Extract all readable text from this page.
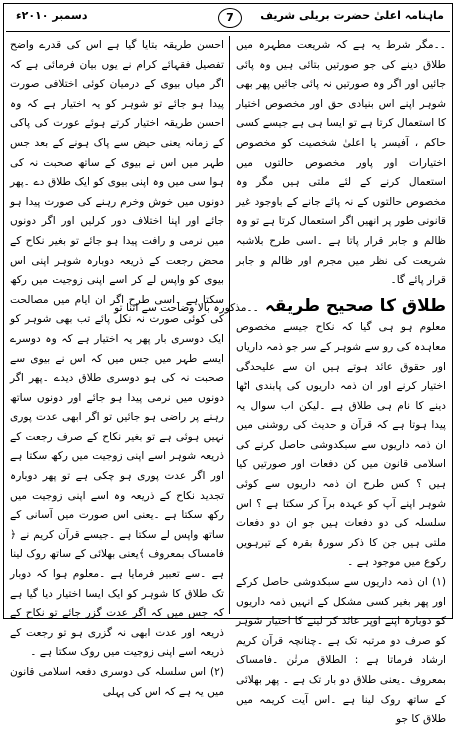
ماہنامہ اعلیٰ حضرت بریلی شریف
7
دسمبر ۲۰۱۰ء

۔۔مگر شرط یہ ہے کہ شریعت مطہرہ میں طلاق دینے کی جو صورتیں بتائی ہیں وہ پائی جائیں اور اگر وہ صورتیں نہ پائی جائیں پھر بھی شوہر اپنے اس بنیادی حق اور مخصوص اختیار کا استعمال کرتا ہے تو ایسا ہی ہے جیسے کسی حاکم ، آفیسر یا اعلیٰ شخصیت کو مخصوص اختیارات اور پاور مخصوص حالتوں میں استعمال کرنے کے لئے ملتی ہیں مگر وہ مخصوص حالتوں کے نہ پائے جانے کے باوجود غیر قانونی طور پر انھیں اگر استعمال کرتا ہے تو وہ ظالم و جابر قرار پاتا ہے ۔اسی طرح بلاشبہ شریعت کی نظر میں مجرم اور ظالم و جابر قرار پائے گا۔

طلاق کا صحیح طریقہ۔۔مذکورہ بالا وضاحت سے اتنا تو

معلوم ہو ہی گیا کہ نکاح جیسے مخصوص معاہدہ کی رو سے شوہر کے سر جو ذمہ داریاں اور حقوق عائد ہوتے ہیں ان سے علیحدگی اختیار کرنے اور ان ذمہ داریوں کی پابندی اٹھا دینے کا نام ہی طلاق ہے ۔لیکن اب سوال یہ پیدا ہوتا ہے کہ قرآن و حدیث کی روشنی میں ان ذمہ داریوں سے سبکدوشی حاصل کرنے کی اسلامی قانون میں کن دفعات اور صورتیں کیا ہیں ؟ کس طرح ان ذمہ داریوں سے کوئی شوہر اپنے آپ کو عہدہ برآ کر سکتا ہے ؟ اس سلسلہ کی دو دفعات ہیں جو ان دو دفعات ملتی ہیں جن کا ذکر سورۂ بقرہ کے تیرہویں رکوع میں موجود ہے ۔

(۱) ان ذمہ داریوں سے سبکدوشی حاصل کرکے اور پھر بغیر کسی مشکل کے انہیں ذمہ داریوں کو دوبارہ اپنے اوپر عائد کر لینے کا اختیار شوہر کو صرف دو مرتبہ تک ہے ۔چنانچہ قرآن کریم ارشاد فرماتا ہے : الطلاق مرتٰن ۔فامساک بمعروف ۔یعنی طلاق دو بار تک ہے ۔ پھر بھلائی کے ساتھ روک لینا ہے ۔اس آیت کریمہ میں طلاق کا جو

احسن طریقہ بتایا گیا ہے اس کی قدرے واضح تفصیل فقہائے کرام نے یوں بیان فرمائی ہے کہ اگر میاں بیوی کے درمیان کوئی اختلافی صورت پیدا ہو جائے تو شوہر کو یہ اختیار ہے کہ وہ احسن طریقہ اختیار کرتے ہوئے عورت کی پاکی کے زمانہ یعنی حیض سے پاک ہونے کے بعد جس طہر میں اس نے بیوی کے ساتھ صحبت نہ کی ہوا سی میں وہ اپنی بیوی کو ایک طلاق دے ۔پھر دونوں میں خوش وخرم رہنے کی صورت پیدا ہو جائے اور اپنا اختلاف دور کرلیں اور اگر دونوں میں نرمی و رافت پیدا ہو جائے تو بغیر نکاح کے محض رجعت کے ذریعہ دوبارہ شوہر اپنی اس بیوی کو واپس لے کر اسے اپنی زوجیت میں رکھ سکتا ہے ۔اسی طرح اگر ان ایام میں مصالحت کی کوئی صورت نہ نکل پائے تب بھی شوہر کو ایک دوسری بار پھر یہ اختیار ہے کہ وہ دوسرے ایسے طہر میں جس میں کہ اس نے بیوی سے صحبت نہ کی ہو دوسری طلاق دیدے ۔پھر اگر دونوں میں نرمی پیدا ہو جائے اور دونوں ساتھ رہنے پر راضی ہو جائیں تو اگر ابھی عدت پوری نہیں ہوئی ہے تو بغیر نکاح کے صرف رجعت کے ذریعہ شوہر اسے اپنی زوجیت میں رکھ سکتا ہے اور اگر عدت پوری ہو چکی ہے تو پھر دوبارہ تجدید نکاح کے ذریعہ وہ اسے اپنی زوجیت میں رکھ سکتا ہے ۔یعنی اس صورت میں آسانی کے ساتھ واپس لے سکتا ہے ۔جیسے قرآن کریم نے ﴿ فامساک بمعروف ﴾یعنی بھلائی کے ساتھ روک لینا ہے ۔سے تعبیر فرمایا ہے ۔معلوم ہوا کہ دوبار تک طلاق کا شوہر کو ایک ایسا اختیار دیا گیا ہے کہ جس میں کہ اگر عدت گزر جائے تو نکاح کے ذریعہ اور عدت ابھی نہ گزری ہو تو رجعت کے ذریعہ اسے اپنی زوجیت میں روک سکتا ہے ۔

(۲) اس سلسلہ کی دوسری دفعہ اسلامی قانون میں یہ ہے کہ اس کی پہلی
